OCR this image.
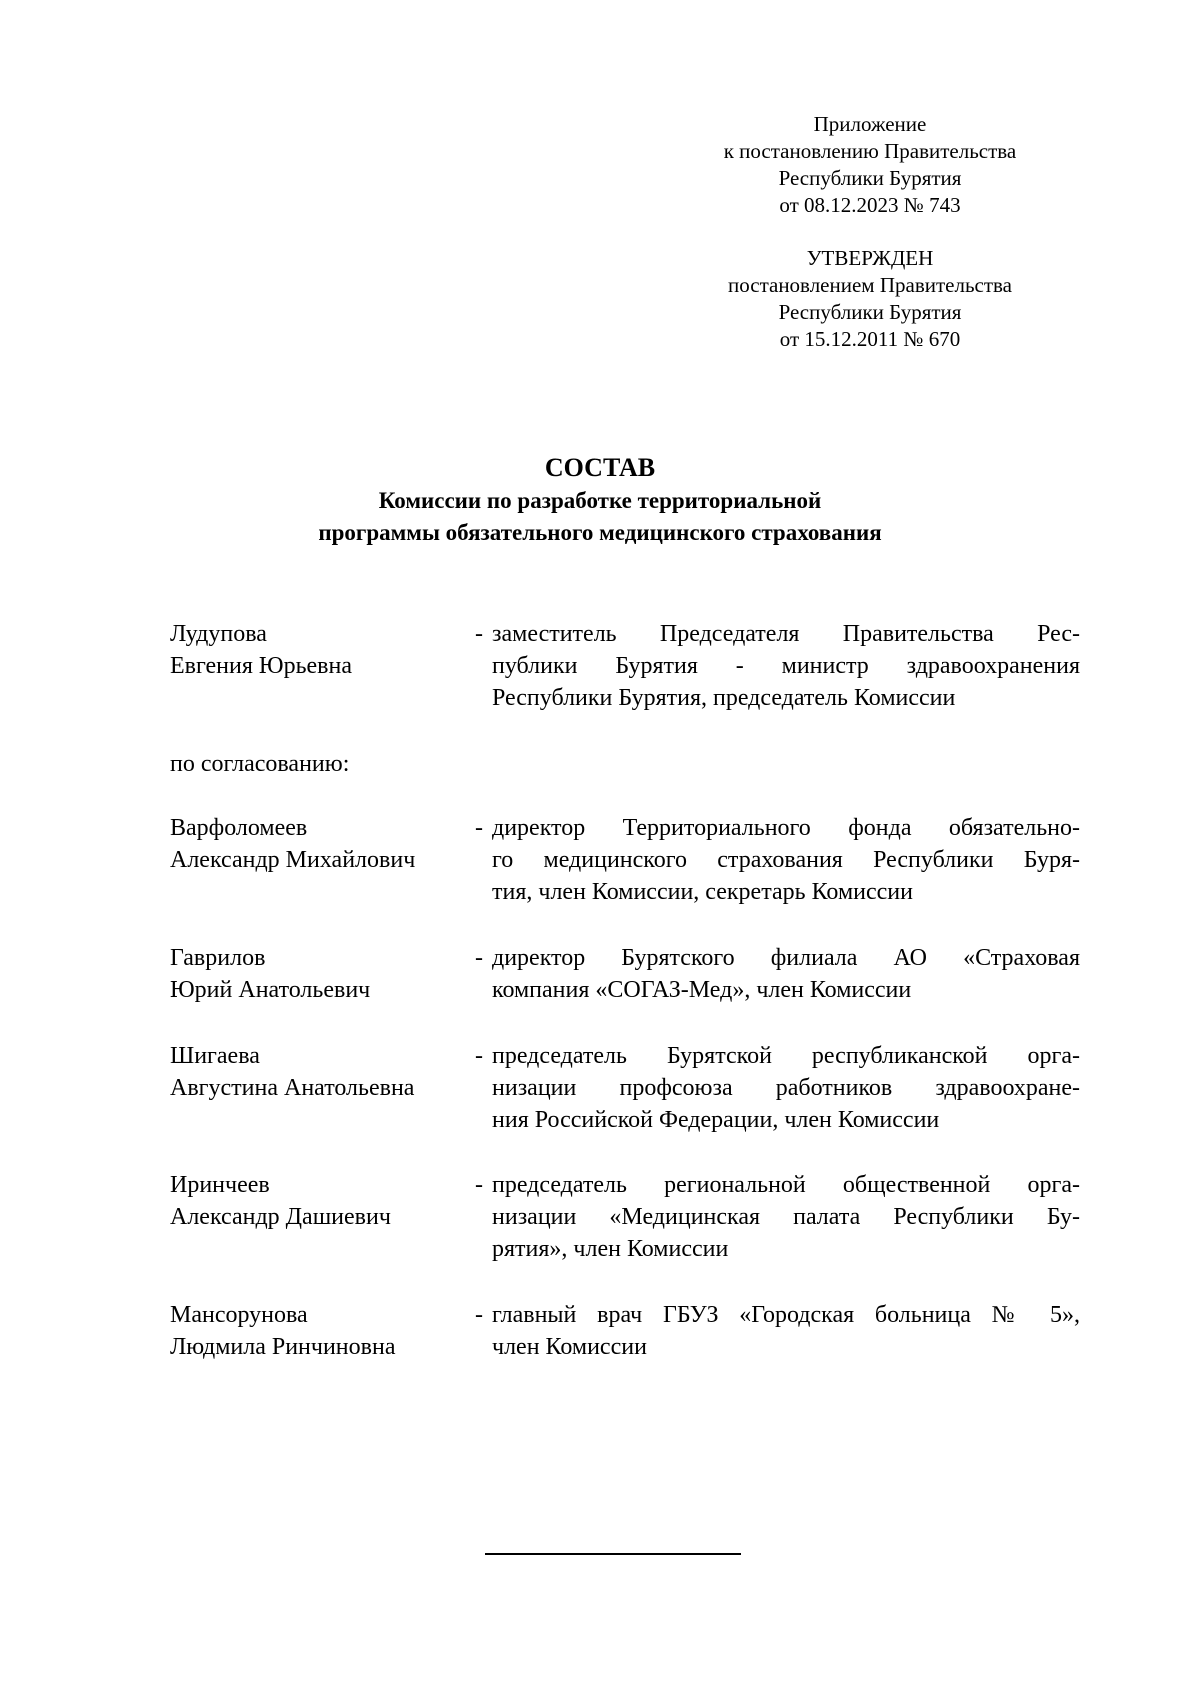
Приложение
к постановлению Правительства
Республики Бурятия
от 08.12.2023 № 743
УТВЕРЖДЕН
постановлением Правительства
Республики Бурятия
от 15.12.2011 № 670
СОСТАВ
Комиссии по разработке территориальной
программы обязательного медицинского страхования
Лудупова
Евгения Юрьевна
- заместитель Председателя Правительства Рес-
публики Бурятия - министр здравоохранения
Республики Бурятия, председатель Комиссии
по согласованию:
Варфоломеев
Александр Михайлович
- директор Территориального фонда обязательно-
го медицинского страхования Республики Буря-
тия, член Комиссии, секретарь Комиссии
Гаврилов
Юрий Анатольевич
- директор Бурятского филиала АО «Страховая
компания «СОГАЗ-Мед», член Комиссии
Шигаева
Августина Анатольевна
- председатель Бурятской республиканской орга-
низации профсоюза работников здравоохране-
ния Российской Федерации, член Комиссии
Иринчеев
Александр Дашиевич
- председатель региональной общественной орга-
низации «Медицинская палата Республики Бу-
рятия», член Комиссии
Мансорунова
Людмила Ринчиновна
- главный врач ГБУЗ «Городская больница № 5»,
член Комиссии
